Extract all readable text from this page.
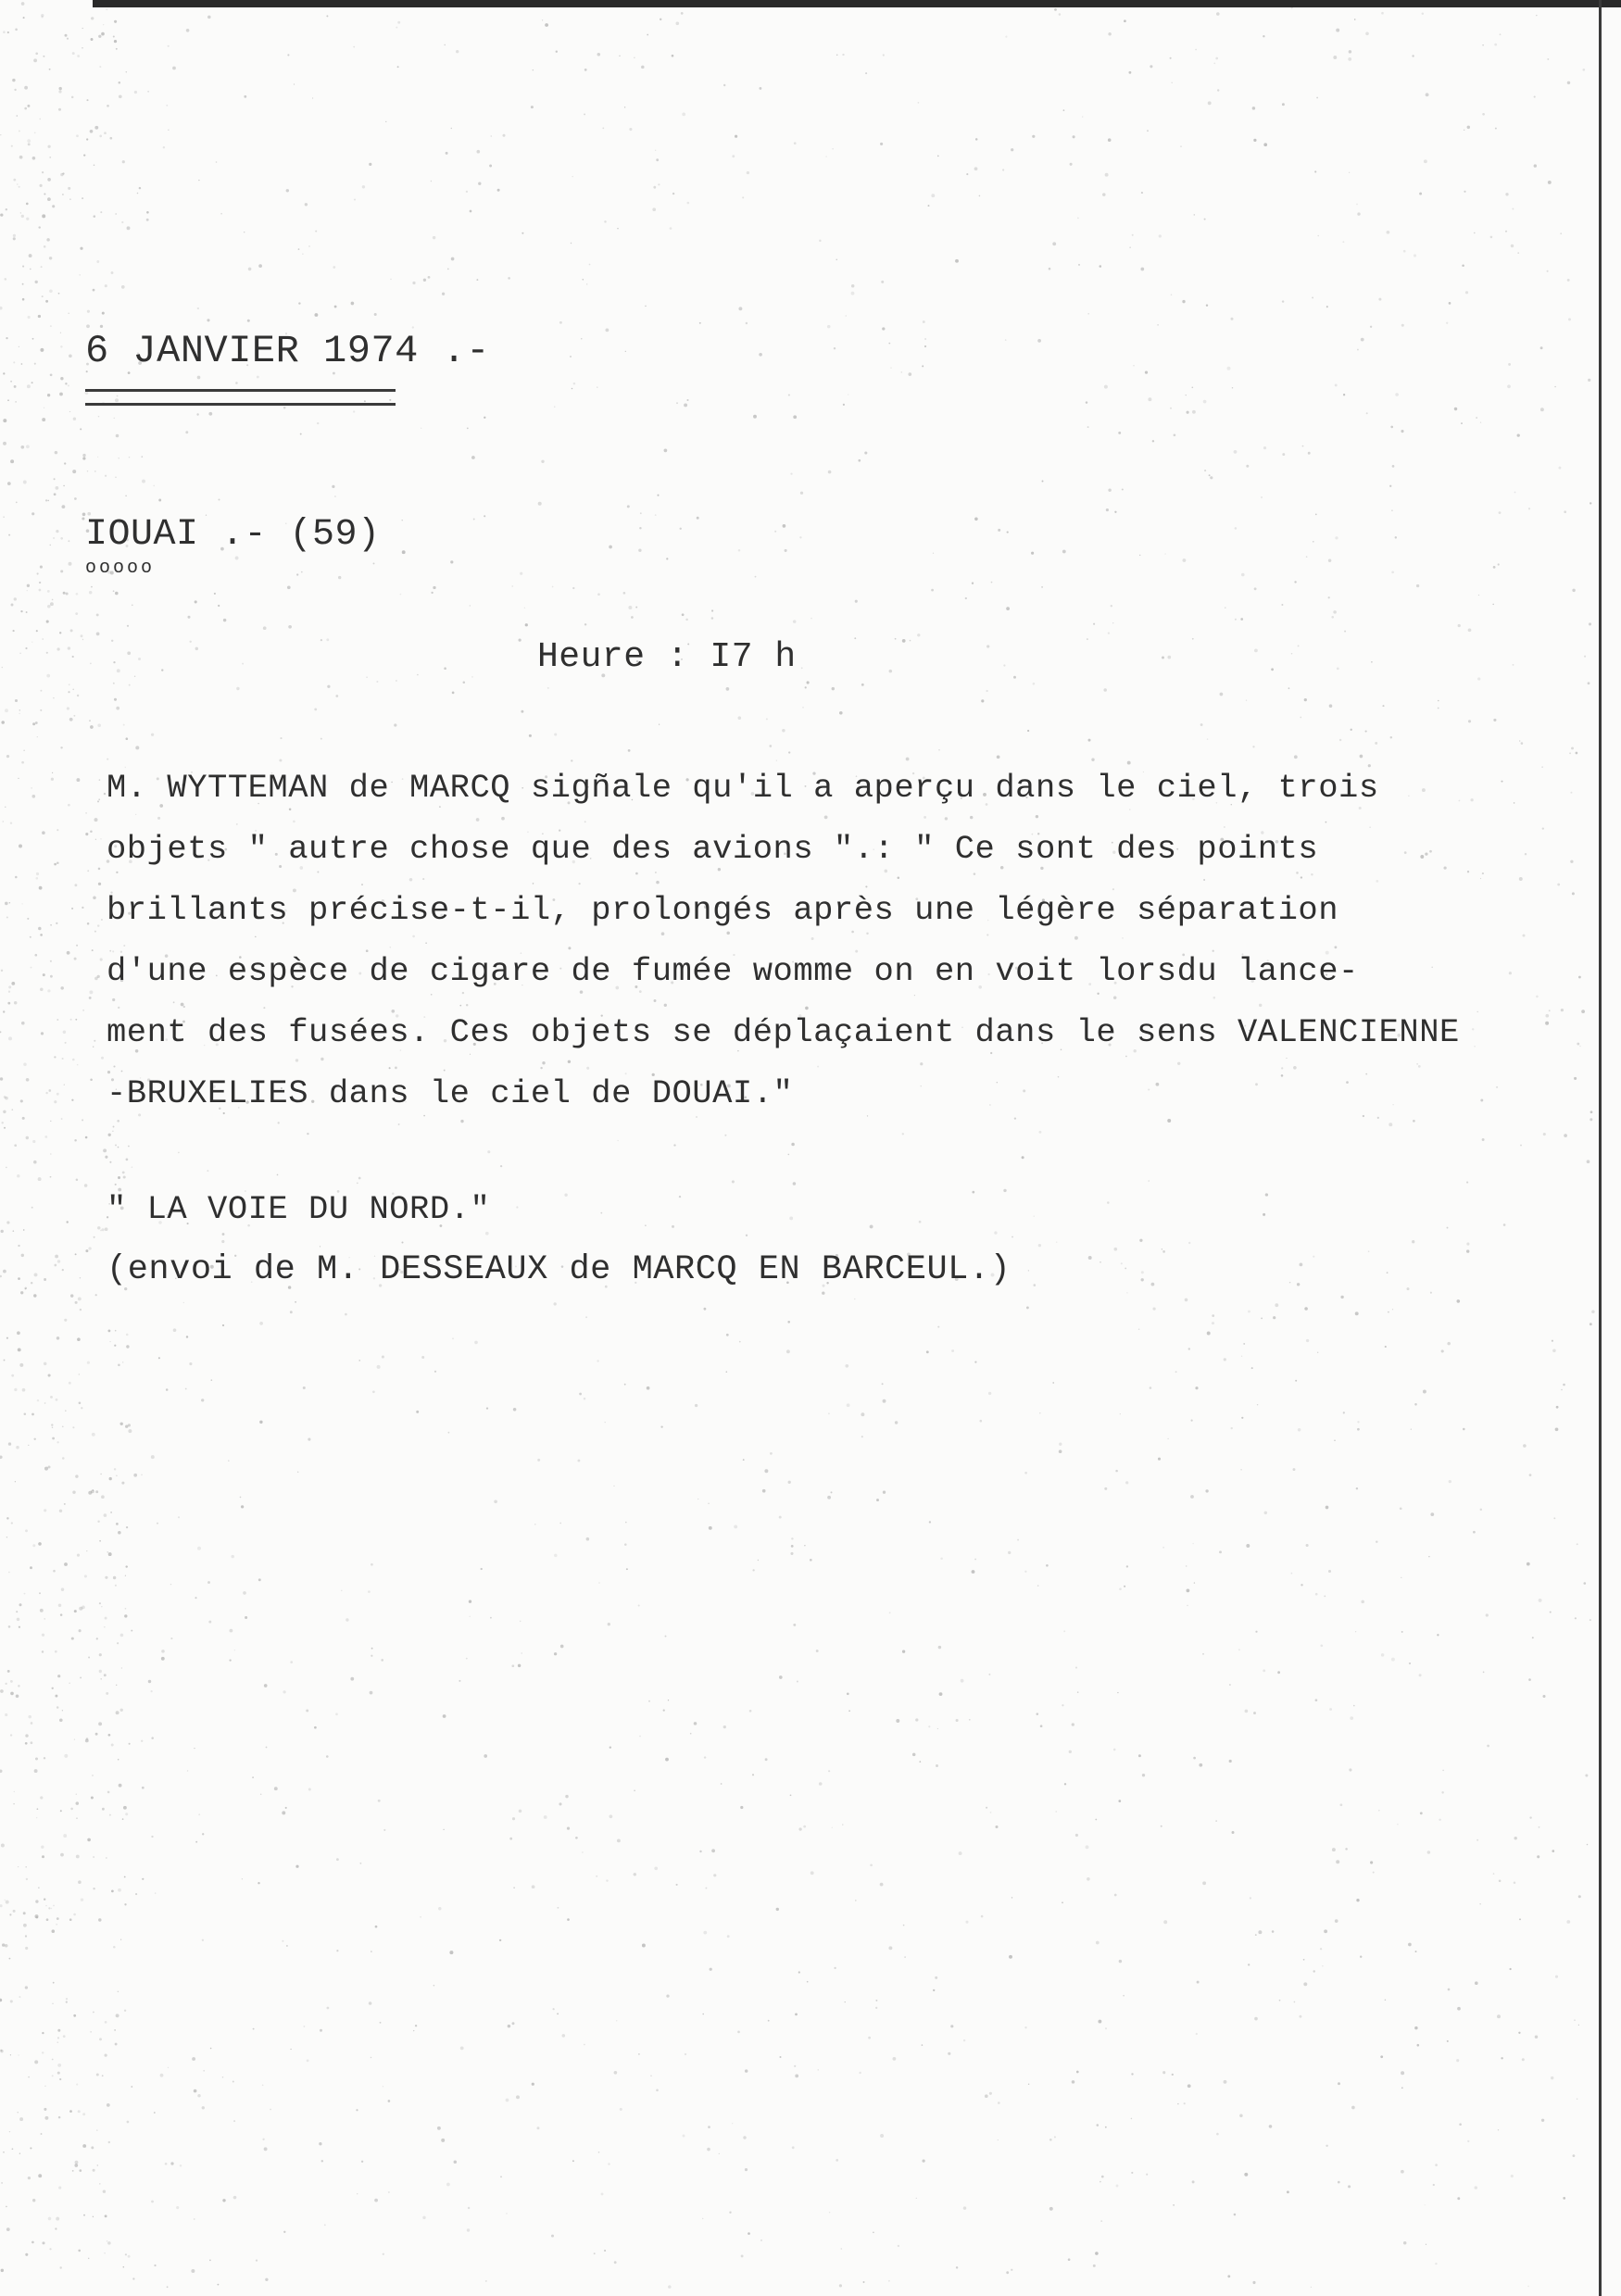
6 JANVIER 1974 .-
IOUAI .- (59)
ooooo
Heure : I7 h
M. WYTTEMAN de MARCQ sigñale qu'il a aperçu dans le ciel, trois
objets " autre chose que des avions ".: " Ce sont des points
brillants précise-t-il, prolongés après une légère séparation
d'une espèce de cigare de fumée womme on en voit lorsdu lance-
ment des fusées. Ces objets se déplaçaient dans le sens VALENCIENNE
-BRUXELIES dans le ciel de DOUAI."
" LA VOIE DU NORD."
(envoi de M. DESSEAUX de MARCQ EN BARCEUL.)
